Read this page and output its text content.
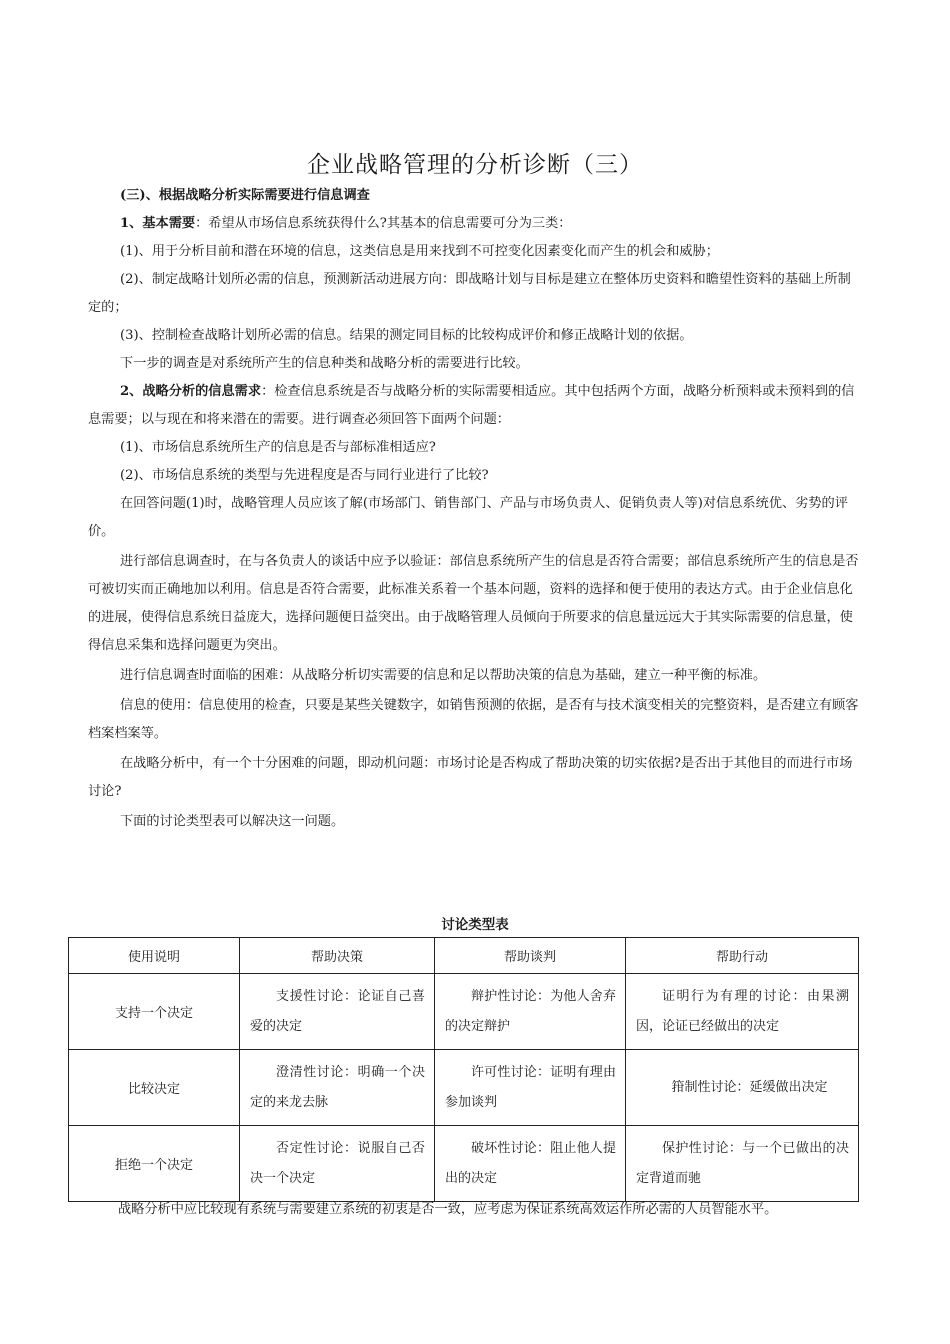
企业战略管理的分析诊断（三）

(三)、根据战略分析实际需要进行信息调查

1、基本需要：希望从市场信息系统获得什么?其基本的信息需要可分为三类：

(1)、用于分析目前和潜在环境的信息，这类信息是用来找到不可控变化因素变化而产生的机会和威胁；

(2)、制定战略计划所必需的信息，预测新活动进展方向：即战略计划与目标是建立在整体历史资料和瞻望性资料的基础上所制定的；

(3)、控制检查战略计划所必需的信息。结果的测定同目标的比较构成评价和修正战略计划的依据。

下一步的调查是对系统所产生的信息种类和战略分析的需要进行比较。

2、战略分析的信息需求：检查信息系统是否与战略分析的实际需要相适应。其中包括两个方面，战略分析预料或未预料到的信息需要；以与现在和将来潜在的需要。进行调查必须回答下面两个问题：

(1)、市场信息系统所生产的信息是否与部标准相适应?

(2)、市场信息系统的类型与先进程度是否与同行业进行了比较?

在回答问题(1)时，战略管理人员应该了解(市场部门、销售部门、产品与市场负责人、促销负责人等)对信息系统优、劣势的评价。

进行部信息调查时，在与各负责人的谈话中应予以验证：部信息系统所产生的信息是否符合需要；部信息系统所产生的信息是否可被切实而正确地加以利用。信息是否符合需要，此标准关系着一个基本问题，资料的选择和便于使用的表达方式。由于企业信息化的进展，使得信息系统日益庞大，选择问题便日益突出。由于战略管理人员倾向于所要求的信息量远远大于其实际需要的信息量，使得信息采集和选择问题更为突出。

进行信息调查时面临的困难：从战略分析切实需要的信息和足以帮助决策的信息为基础，建立一种平衡的标准。

信息的使用：信息使用的检查，只要是某些关键数字，如销售预测的依据，是否有与技术演变相关的完整资料，是否建立有顾客档案档案等。

在战略分析中，有一个十分困难的问题，即动机问题：市场讨论是否构成了帮助决策的切实依据?是否出于其他目的而进行市场讨论?

下面的讨论类型表可以解决这一问题。

讨论类型表
使用说明	帮助决策	帮助谈判	帮助行动
支持一个决定	支援性讨论：论证自己喜爱的决定	辩护性讨论：为他人舍弃的决定辩护	证明行为有理的讨论：由果溯因，论证已经做出的决定
比较决定	澄清性讨论：明确一个决定的来龙去脉	许可性讨论：证明有理由参加谈判	箝制性讨论：延缓做出决定
拒绝一个决定	否定性讨论：说服自己否决一个决定	破坏性讨论：阻止他人提出的决定	保护性讨论：与一个已做出的决定背道而驰
战略分析中应比较现有系统与需要建立系统的初衷是否一致，应考虑为保证系统高效运作所必需的人员智能水平。
